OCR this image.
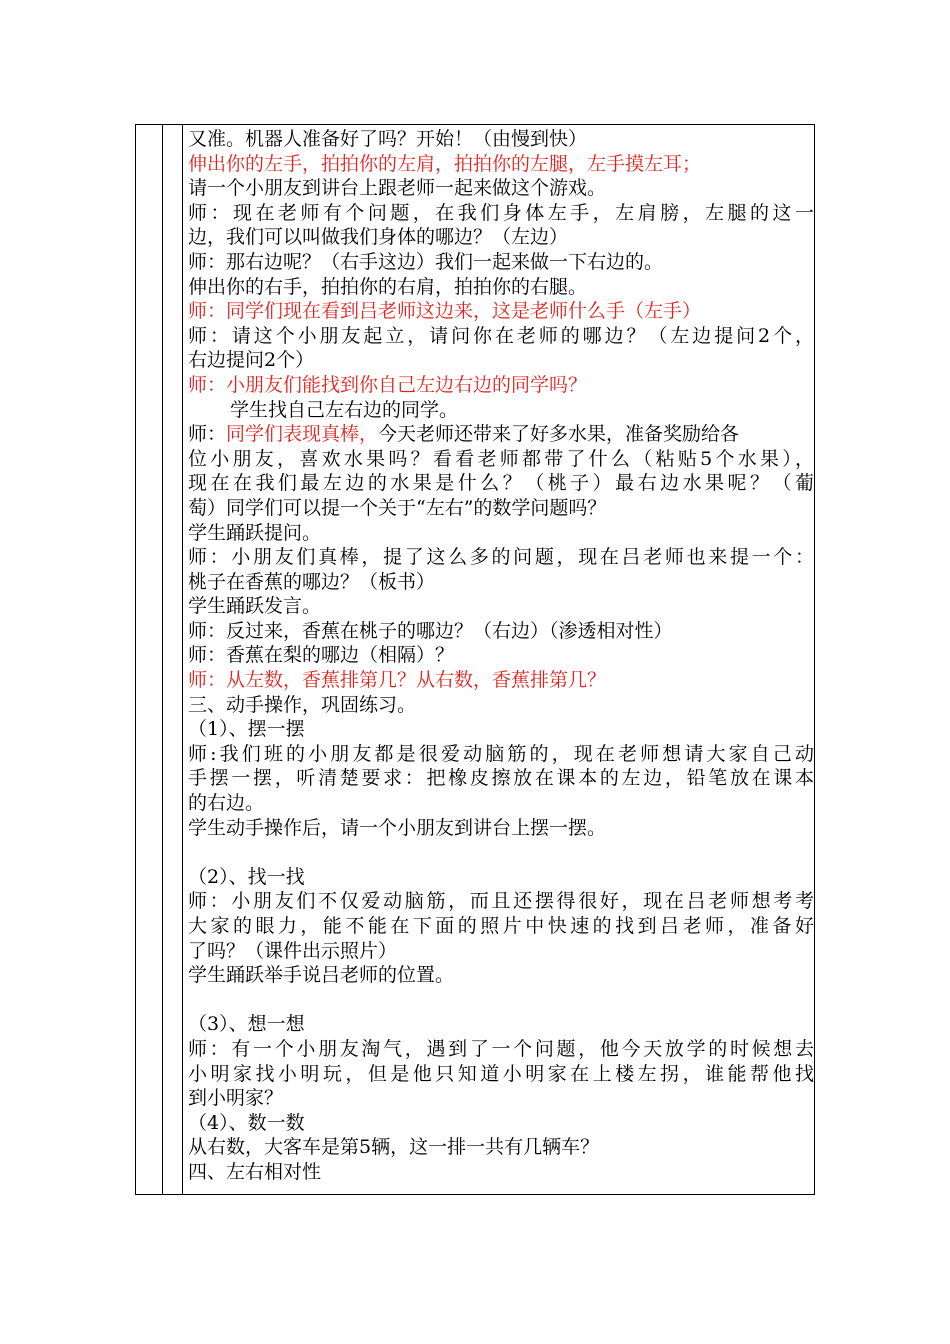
又准。机器人准备好了吗？开始！（由慢到快）
伸出你的左手，拍拍你的左肩，拍拍你的左腿，左手摸左耳；
请一个小朋友到讲台上跟老师一起来做这个游戏。
师：现在老师有个问题，在我们身体左手，左肩膀，左腿的这一
边，我们可以叫做我们身体的哪边？（左边）
师：那右边呢？（右手这边）我们一起来做一下右边的。
伸出你的右手，拍拍你的右肩，拍拍你的右腿。
师：同学们现在看到吕老师这边来，这是老师什么手（左手）
师：请这个小朋友起立，请问你在老师的哪边？（左边提问2个，
右边提问2个）
师：小朋友们能找到你自己左边右边的同学吗？
学生找自己左右边的同学。
师：同学们表现真棒，今天老师还带来了好多水果，准备奖励给各
位小朋友，喜欢水果吗？看看老师都带了什么（粘贴5个水果），
现在在我们最左边的水果是什么？（桃子）最右边水果呢？（葡
萄）同学们可以提一个关于“左右”的数学问题吗？
学生踊跃提问。
师：小朋友们真棒，提了这么多的问题，现在吕老师也来提一个：
桃子在香蕉的哪边？（板书）
学生踊跃发言。
师：反过来，香蕉在桃子的哪边？（右边）（渗透相对性）
师：香蕉在梨的哪边（相隔）？
师：从左数，香蕉排第几？从右数，香蕉排第几？
三、动手操作，巩固练习。
（1）、摆一摆
师:我们班的小朋友都是很爱动脑筋的，现在老师想请大家自己动
手摆一摆，听清楚要求：把橡皮擦放在课本的左边，铅笔放在课本
的右边。
学生动手操作后，请一个小朋友到讲台上摆一摆。
（2）、找一找
师：小朋友们不仅爱动脑筋，而且还摆得很好，现在吕老师想考考
大家的眼力，能不能在下面的照片中快速的找到吕老师，准备好
了吗？（课件出示照片）
学生踊跃举手说吕老师的位置。
（3）、想一想
师：有一个小朋友淘气，遇到了一个问题，他今天放学的时候想去
小明家找小明玩，但是他只知道小明家在上楼左拐，谁能帮他找
到小明家？
（4）、数一数
从右数，大客车是第5辆，这一排一共有几辆车？
四、左右相对性
